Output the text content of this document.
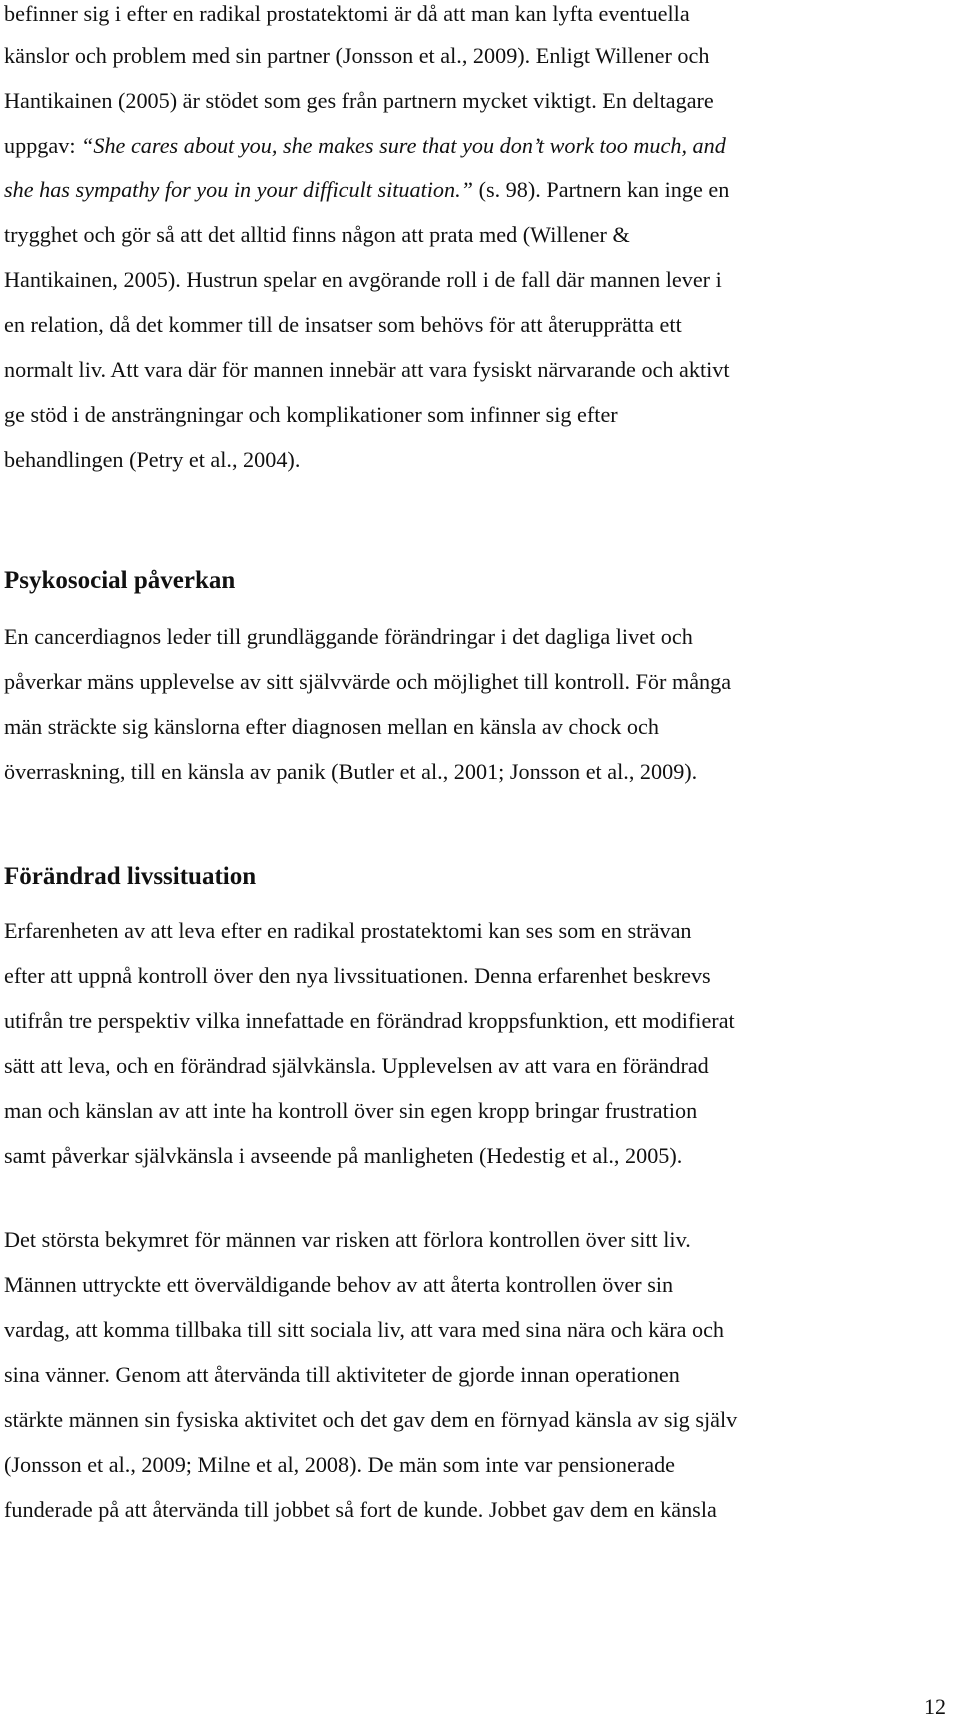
befinner sig i efter en radikal prostatektomi är då att man kan lyfta eventuella
känslor och problem med sin partner (Jonsson et al., 2009). Enligt Willener och
Hantikainen (2005) är stödet som ges från partnern mycket viktigt. En deltagare
uppgav: “She cares about you, she makes sure that you don’t work too much, and
she has sympathy for you in your difficult situation.” (s. 98). Partnern kan inge en
trygghet och gör så att det alltid finns någon att prata med (Willener &
Hantikainen, 2005). Hustrun spelar en avgörande roll i de fall där mannen lever i
en relation, då det kommer till de insatser som behövs för att återupprätta ett
normalt liv. Att vara där för mannen innebär att vara fysiskt närvarande och aktivt
ge stöd i de ansträngningar och komplikationer som infinner sig efter
behandlingen (Petry et al., 2004).
Psykosocial påverkan
En cancerdiagnos leder till grundläggande förändringar i det dagliga livet och
påverkar mäns upplevelse av sitt självvärde och möjlighet till kontroll. För många
män sträckte sig känslorna efter diagnosen mellan en känsla av chock och
överraskning, till en känsla av panik (Butler et al., 2001; Jonsson et al., 2009).
Förändrad livssituation
Erfarenheten av att leva efter en radikal prostatektomi kan ses som en strävan
efter att uppnå kontroll över den nya livssituationen. Denna erfarenhet beskrevs
utifrån tre perspektiv vilka innefattade en förändrad kroppsfunktion, ett modifierat
sätt att leva, och en förändrad självkänsla. Upplevelsen av att vara en förändrad
man och känslan av att inte ha kontroll över sin egen kropp bringar frustration
samt påverkar självkänsla i avseende på manligheten (Hedestig et al., 2005).
Det största bekymret för männen var risken att förlora kontrollen över sitt liv.
Männen uttryckte ett överväldigande behov av att återta kontrollen över sin
vardag, att komma tillbaka till sitt sociala liv, att vara med sina nära och kära och
sina vänner. Genom att återvända till aktiviteter de gjorde innan operationen
stärkte männen sin fysiska aktivitet och det gav dem en förnyad känsla av sig själv
(Jonsson et al., 2009; Milne et al, 2008). De män som inte var pensionerade
funderade på att återvända till jobbet så fort de kunde. Jobbet gav dem en känsla
12
